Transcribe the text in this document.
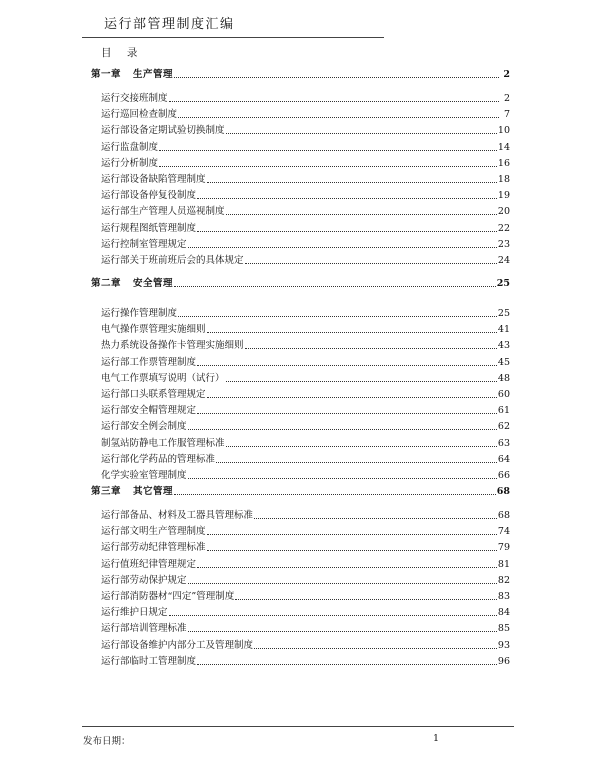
运行部管理制度汇编
目 录
第一章 生产管理	2
运行交接班制度	2
运行巡回检查制度	7
运行部设备定期试验切换制度	10
运行监盘制度	14
运行分析制度	16
运行部设备缺陷管理制度	18
运行部设备停复役制度	19
运行部生产管理人员巡视制度	20
运行规程图纸管理制度	22
运行控制室管理规定	23
运行部关于班前班后会的具体规定	24
第二章 安全管理	25
运行操作管理制度	25
电气操作票管理实施细则	41
热力系统设备操作卡管理实施细则	43
运行部工作票管理制度	45
电气工作票填写说明（试行）	48
运行部口头联系管理规定	60
运行部安全帽管理规定	61
运行部安全例会制度	62
制氢站防静电工作服管理标准	63
运行部化学药品的管理标准	64
化学实验室管理制度	66
第三章 其它管理	68
运行部备品、材料及工器具管理标准	68
运行部文明生产管理制度	74
运行部劳动纪律管理标准	79
运行值班纪律管理规定	81
运行部劳动保护规定	82
运行部消防器材“四定”管理制度	83
运行维护日规定	84
运行部培训管理标准	85
运行部设备维护内部分工及管理制度	93
运行部临时工管理制度	96
发布日期：	1
